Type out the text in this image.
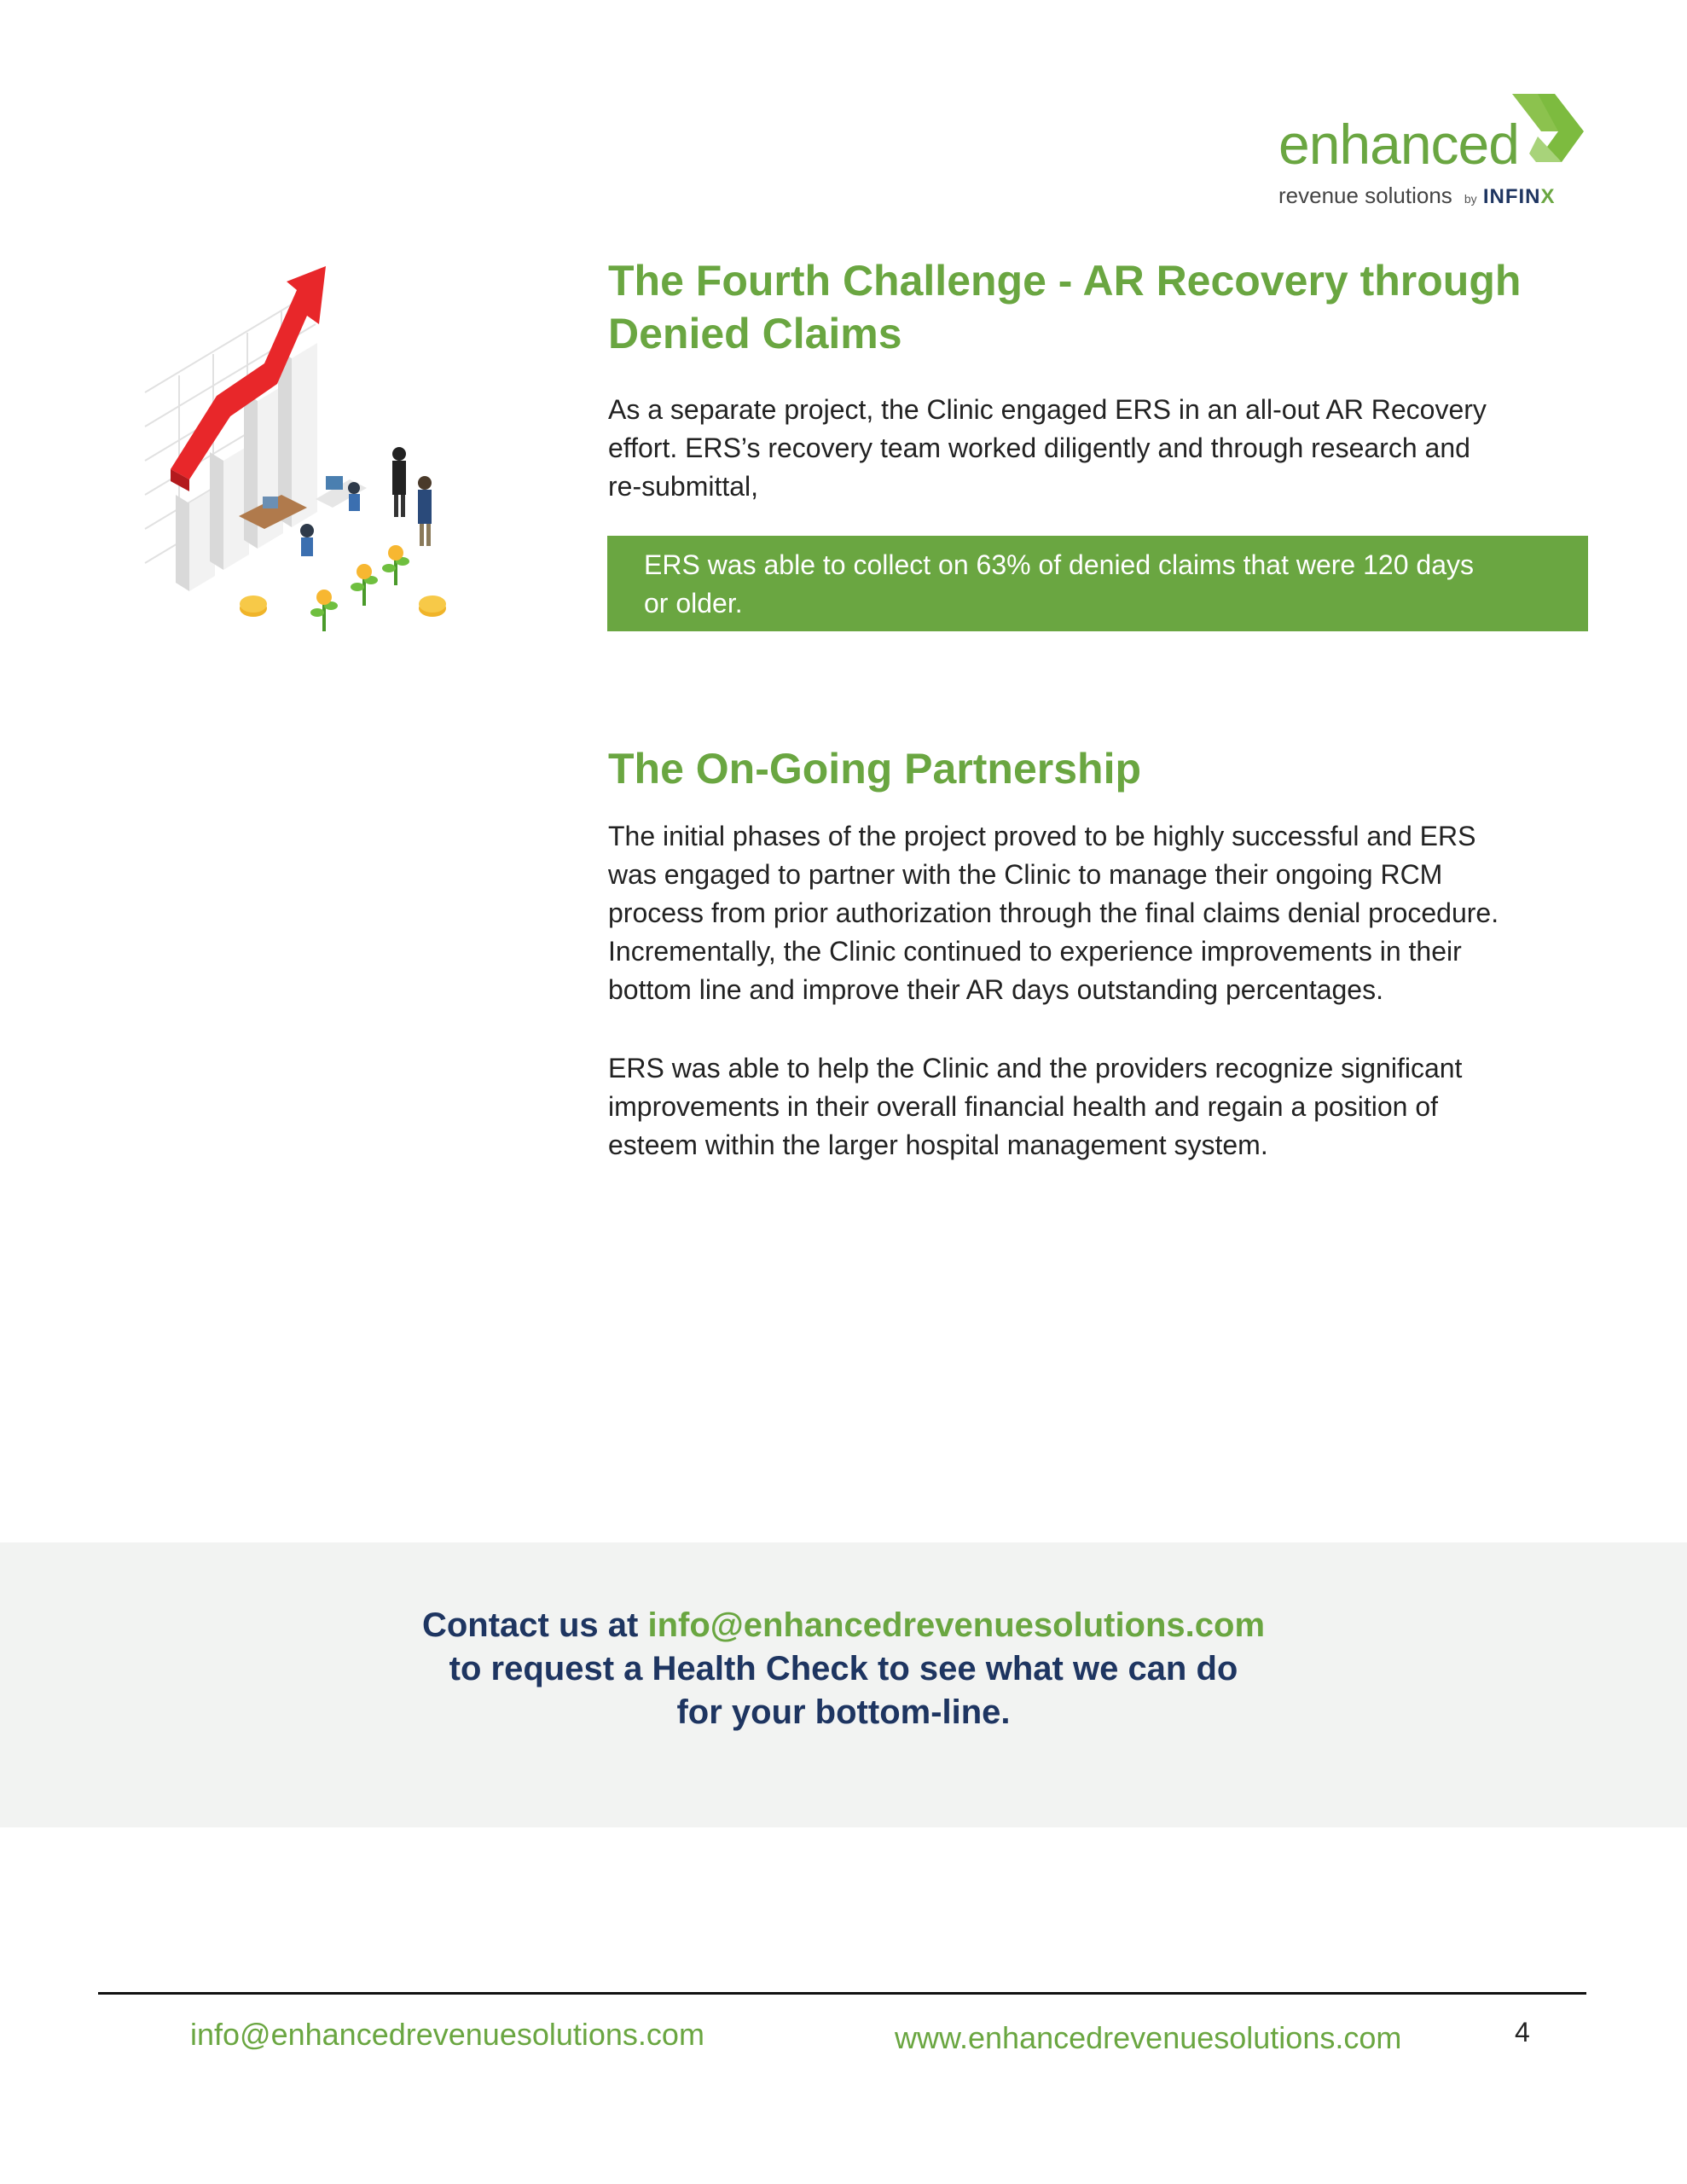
enhanced
revenue solutions by INFINX
The Fourth Challenge - AR Recovery through
Denied Claims

As a separate project, the Clinic engaged ERS in an all-out AR Recovery
effort. ERS’s recovery team worked diligently and through research and
re-submittal,

ERS was able to collect on 63% of denied claims that were 120 days
or older.
The On-Going Partnership

The initial phases of the project proved to be highly successful and ERS
was engaged to partner with the Clinic to manage their ongoing RCM
process from prior authorization through the final claims denial procedure.
Incrementally, the Clinic continued to experience improvements in their
bottom line and improve their AR days outstanding percentages.

ERS was able to help the Clinic and the providers recognize significant
improvements in their overall financial health and regain a position of
esteem within the larger hospital management system.

Contact us at info@enhancedrevenuesolutions.com
to request a Health Check to see what we can do
for your bottom-line.
info@enhancedrevenuesolutions.com	www.enhancedrevenuesolutions.com	4
